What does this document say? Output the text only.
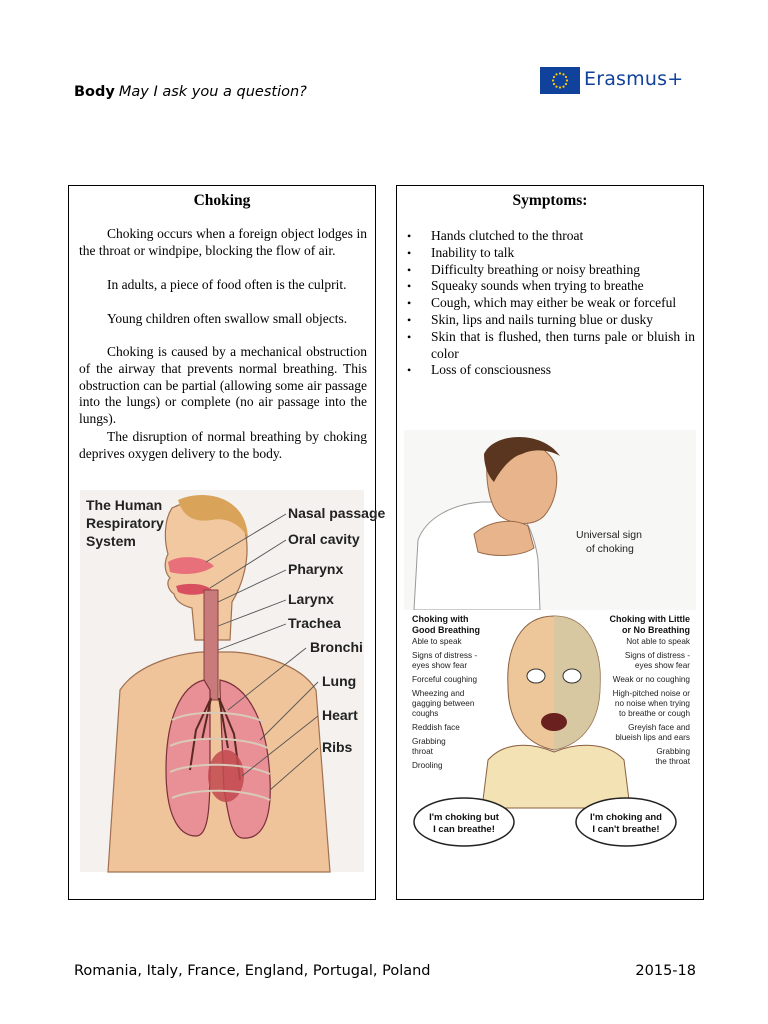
Body May I ask you a question?
Erasmus+
Choking

Choking occurs when a foreign object lodges in the throat or windpipe, blocking the flow of air.

In adults, a piece of food often is the culprit.

Young children often swallow small objects.

Choking is caused by a mechanical obstruction of the airway that prevents normal breathing. This obstruction can be partial (allowing some air passage into the lungs) or complete (no air passage into the lungs).

The disruption of normal breathing by choking deprives oxygen delivery to the body.

The Human
Respiratory
System
Nasal passage
Oral cavity
Pharynx
Larynx
Trachea
Bronchi
Lung
Heart
Ribs
Symptoms:
• Hands clutched to the throat
• Inability to talk
• Difficulty breathing or noisy breathing
• Squeaky sounds when trying to breathe
• Cough, which may either be weak or forceful
• Skin, lips and nails turning blue or dusky
• Skin that is flushed, then turns pale or bluish in color
• Loss of consciousness
Universal sign
of choking
Choking with
Good Breathing
Able to speak
Signs of distress -
eyes show fear
Forceful coughing
Wheezing and
gagging between
coughs
Reddish face
Grabbing
throat
Drooling
Choking with Little
or No Breathing
Not able to speak
Signs of distress -
eyes show fear
Weak or no coughing
High-pitched noise or
no noise when trying
to breathe or cough
Greyish face and
blueish lips and ears
Grabbing
the throat
I'm choking but
I can breathe!
I'm choking and
I can't breathe!
Romania, Italy, France, England, Portugal, Poland	2015-18
